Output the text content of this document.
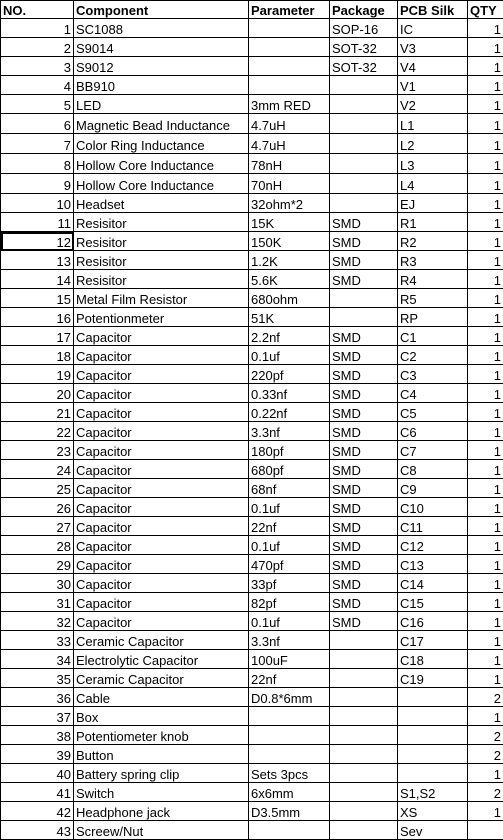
NO.	Component	Parameter	Package	PCB Silk	QTY
1	SC1088		SOP-16	IC	1
2	S9014		SOT-32	V3	1
3	S9012		SOT-32	V4	1
4	BB910			V1	1
5	LED	3mm RED		V2	1
6	Magnetic Bead Inductance	4.7uH		L1	1
7	Color Ring Inductance	4.7uH		L2	1
8	Hollow Core Inductance	78nH		L3	1
9	Hollow Core Inductance	70nH		L4	1
10	Headset	32ohm*2		EJ	1
11	Resisitor	15K	SMD	R1	1
12	Resisitor	150K	SMD	R2	1
13	Resisitor	1.2K	SMD	R3	1
14	Resisitor	5.6K	SMD	R4	1
15	Metal Film Resistor	680ohm		R5	1
16	Potentionmeter	51K		RP	1
17	Capacitor	2.2nf	SMD	C1	1
18	Capacitor	0.1uf	SMD	C2	1
19	Capacitor	220pf	SMD	C3	1
20	Capacitor	0.33nf	SMD	C4	1
21	Capacitor	0.22nf	SMD	C5	1
22	Capacitor	3.3nf	SMD	C6	1
23	Capacitor	180pf	SMD	C7	1
24	Capacitor	680pf	SMD	C8	1
25	Capacitor	68nf	SMD	C9	1
26	Capacitor	0.1uf	SMD	C10	1
27	Capacitor	22nf	SMD	C11	1
28	Capacitor	0.1uf	SMD	C12	1
29	Capacitor	470pf	SMD	C13	1
30	Capacitor	33pf	SMD	C14	1
31	Capacitor	82pf	SMD	C15	1
32	Capacitor	0.1uf	SMD	C16	1
33	Ceramic Capacitor	3.3nf		C17	1
34	Electrolytic Capacitor	100uF		C18	1
35	Ceramic Capacitor	22nf		C19	1
36	Cable	D0.8*6mm			2
37	Box				1
38	Potentiometer knob				2
39	Button				2
40	Battery spring clip	Sets 3pcs			1
41	Switch	6x6mm		S1,S2	2
42	Headphone jack	D3.5mm		XS	1
43	Screew/Nut			Sev	
